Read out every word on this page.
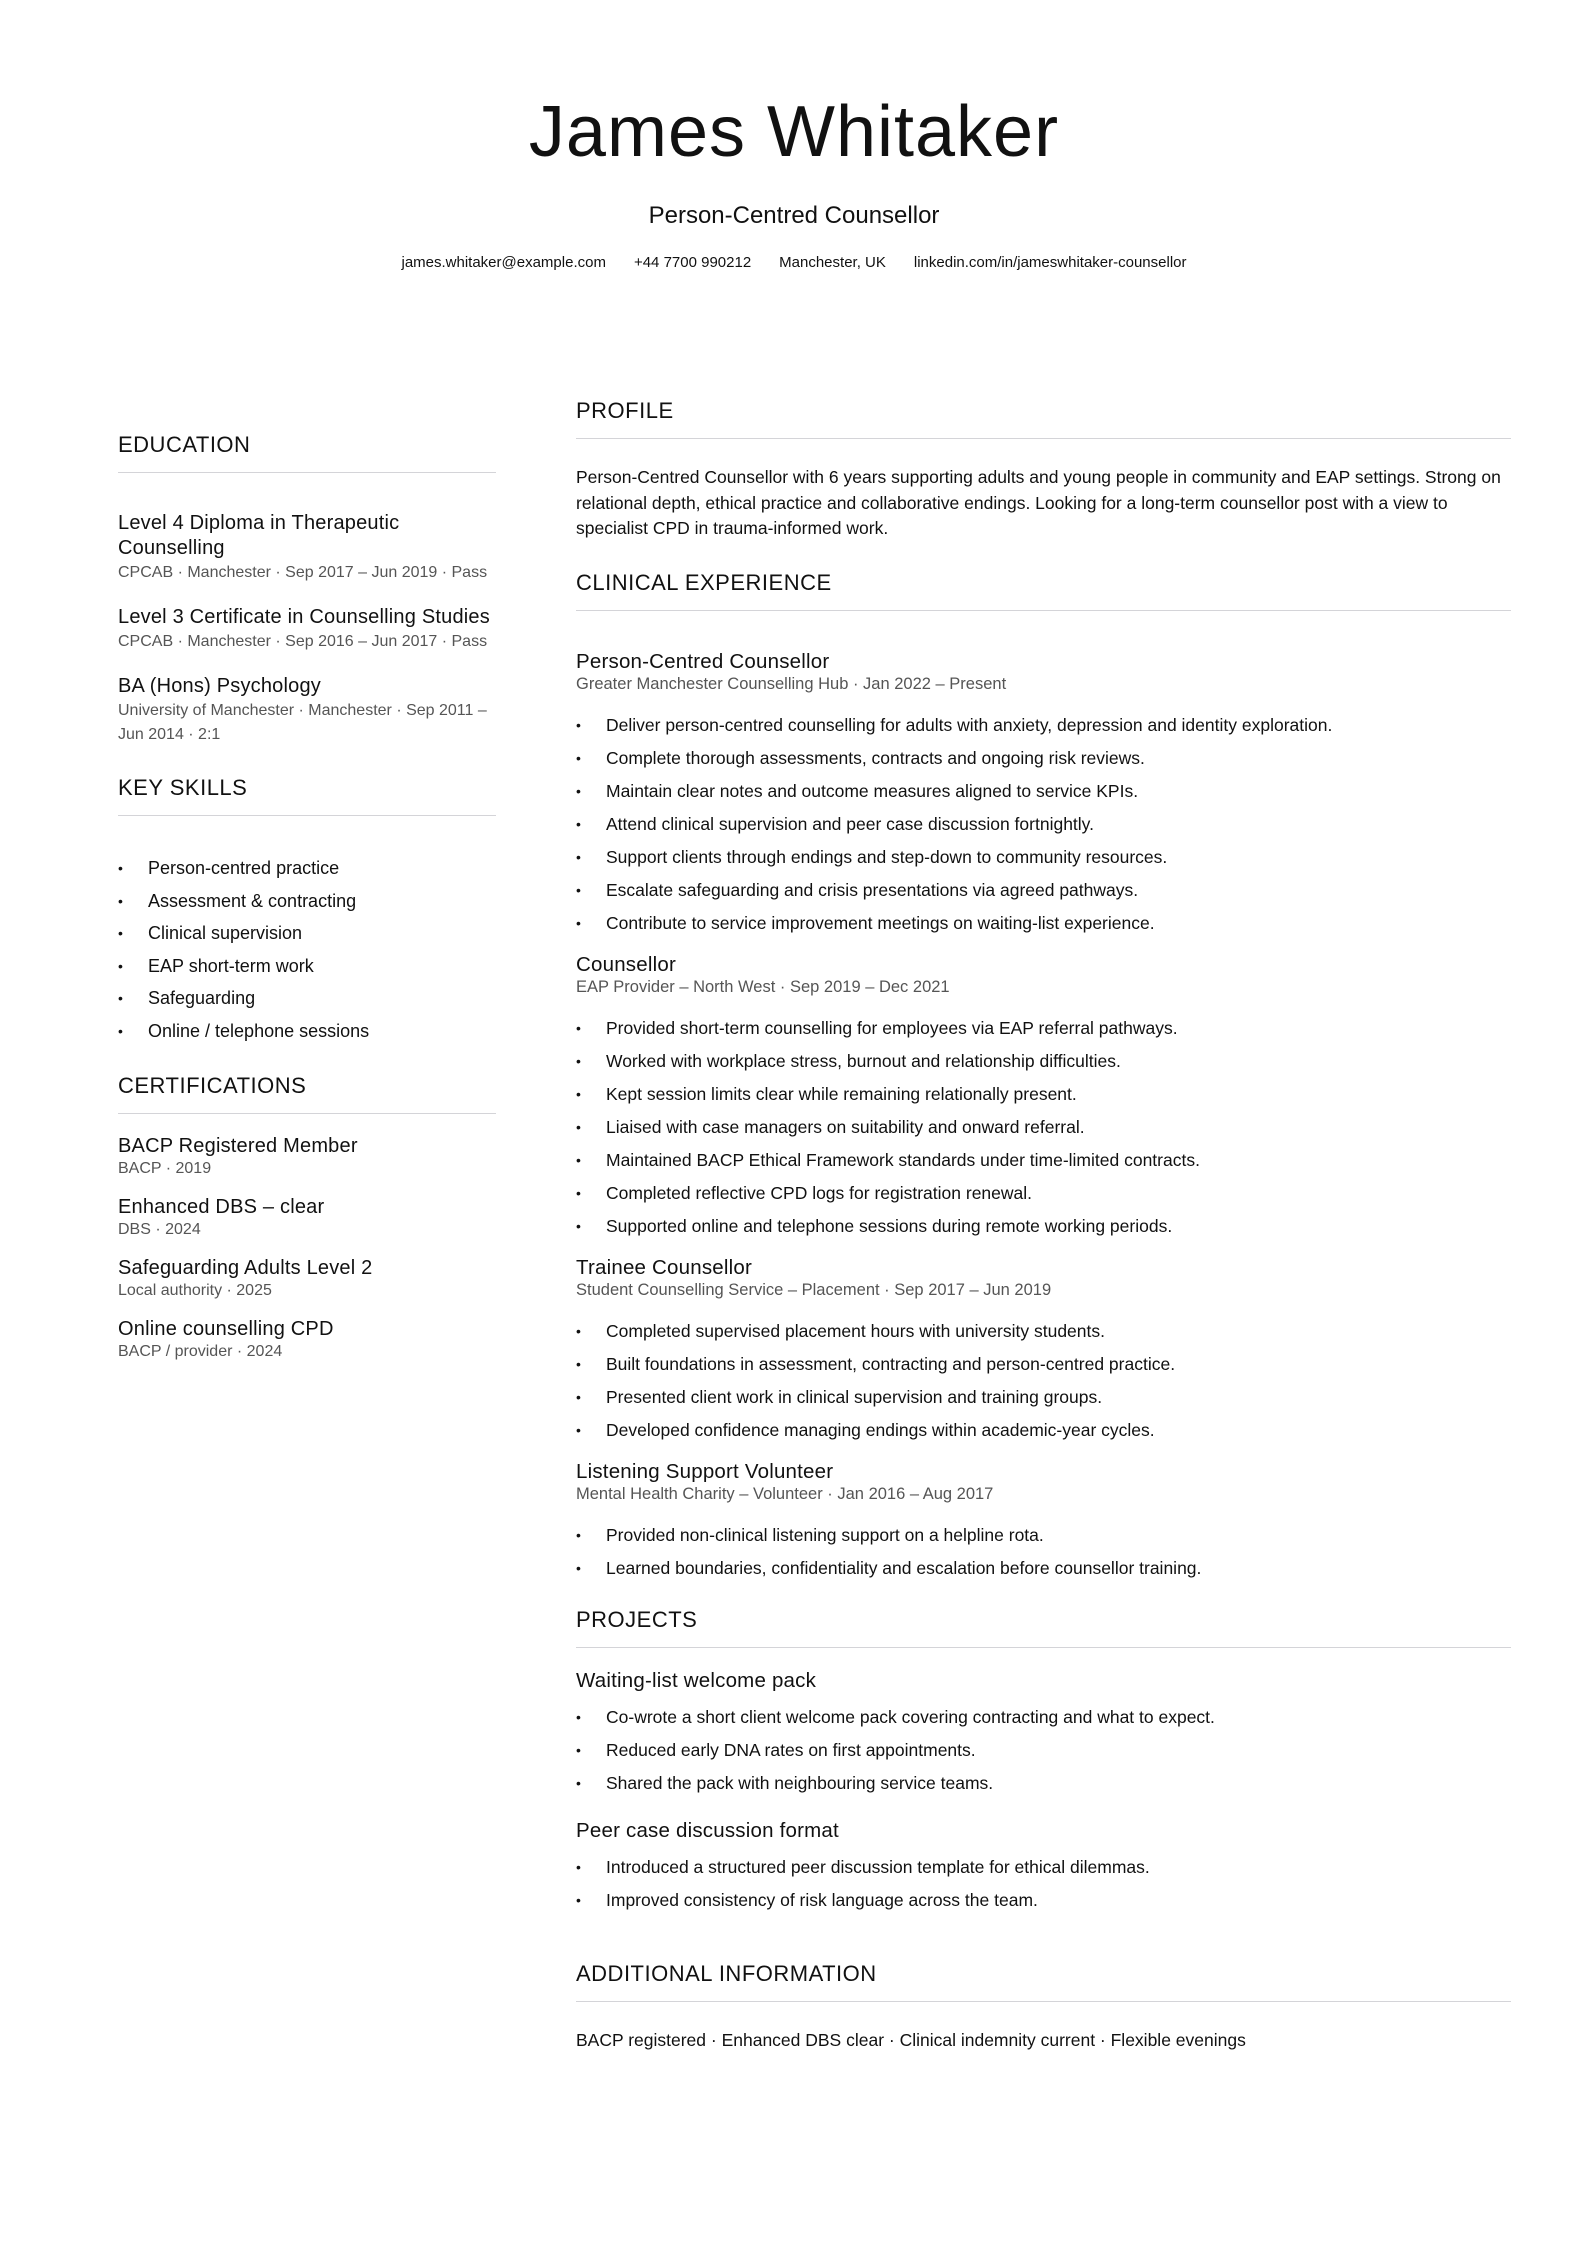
James Whitaker
Person-Centred Counsellor
james.whitaker@example.com +44 7700 990212 Manchester, UK linkedin.com/in/jameswhitaker-counsellor
EDUCATION
Level 4 Diploma in Therapeutic Counselling
CPCAB · Manchester · Sep 2017 – Jun 2019 · Pass
Level 3 Certificate in Counselling Studies
CPCAB · Manchester · Sep 2016 – Jun 2017 · Pass
BA (Hons) Psychology
University of Manchester · Manchester · Sep 2011 – Jun 2014 · 2:1
KEY SKILLS
• Person-centred practice
• Assessment & contracting
• Clinical supervision
• EAP short-term work
• Safeguarding
• Online / telephone sessions
CERTIFICATIONS
BACP Registered Member
BACP · 2019
Enhanced DBS – clear
DBS · 2024
Safeguarding Adults Level 2
Local authority · 2025
Online counselling CPD
BACP / provider · 2024
PROFILE

Person-Centred Counsellor with 6 years supporting adults and young people in community and EAP settings. Strong on relational depth, ethical practice and collaborative endings. Looking for a long-term counsellor post with a view to specialist CPD in trauma-informed work.

CLINICAL EXPERIENCE
Person-Centred Counsellor
Greater Manchester Counselling Hub · Jan 2022 – Present
• Deliver person-centred counselling for adults with anxiety, depression and identity exploration.
• Complete thorough assessments, contracts and ongoing risk reviews.
• Maintain clear notes and outcome measures aligned to service KPIs.
• Attend clinical supervision and peer case discussion fortnightly.
• Support clients through endings and step-down to community resources.
• Escalate safeguarding and crisis presentations via agreed pathways.
• Contribute to service improvement meetings on waiting-list experience.
Counsellor
EAP Provider – North West · Sep 2019 – Dec 2021
• Provided short-term counselling for employees via EAP referral pathways.
• Worked with workplace stress, burnout and relationship difficulties.
• Kept session limits clear while remaining relationally present.
• Liaised with case managers on suitability and onward referral.
• Maintained BACP Ethical Framework standards under time-limited contracts.
• Completed reflective CPD logs for registration renewal.
• Supported online and telephone sessions during remote working periods.
Trainee Counsellor
Student Counselling Service – Placement · Sep 2017 – Jun 2019
• Completed supervised placement hours with university students.
• Built foundations in assessment, contracting and person-centred practice.
• Presented client work in clinical supervision and training groups.
• Developed confidence managing endings within academic-year cycles.
Listening Support Volunteer
Mental Health Charity – Volunteer · Jan 2016 – Aug 2017
• Provided non-clinical listening support on a helpline rota.
• Learned boundaries, confidentiality and escalation before counsellor training.
PROJECTS
Waiting-list welcome pack
• Co-wrote a short client welcome pack covering contracting and what to expect.
• Reduced early DNA rates on first appointments.
• Shared the pack with neighbouring service teams.
Peer case discussion format
• Introduced a structured peer discussion template for ethical dilemmas.
• Improved consistency of risk language across the team.
ADDITIONAL INFORMATION
BACP registered · Enhanced DBS clear · Clinical indemnity current · Flexible evenings
